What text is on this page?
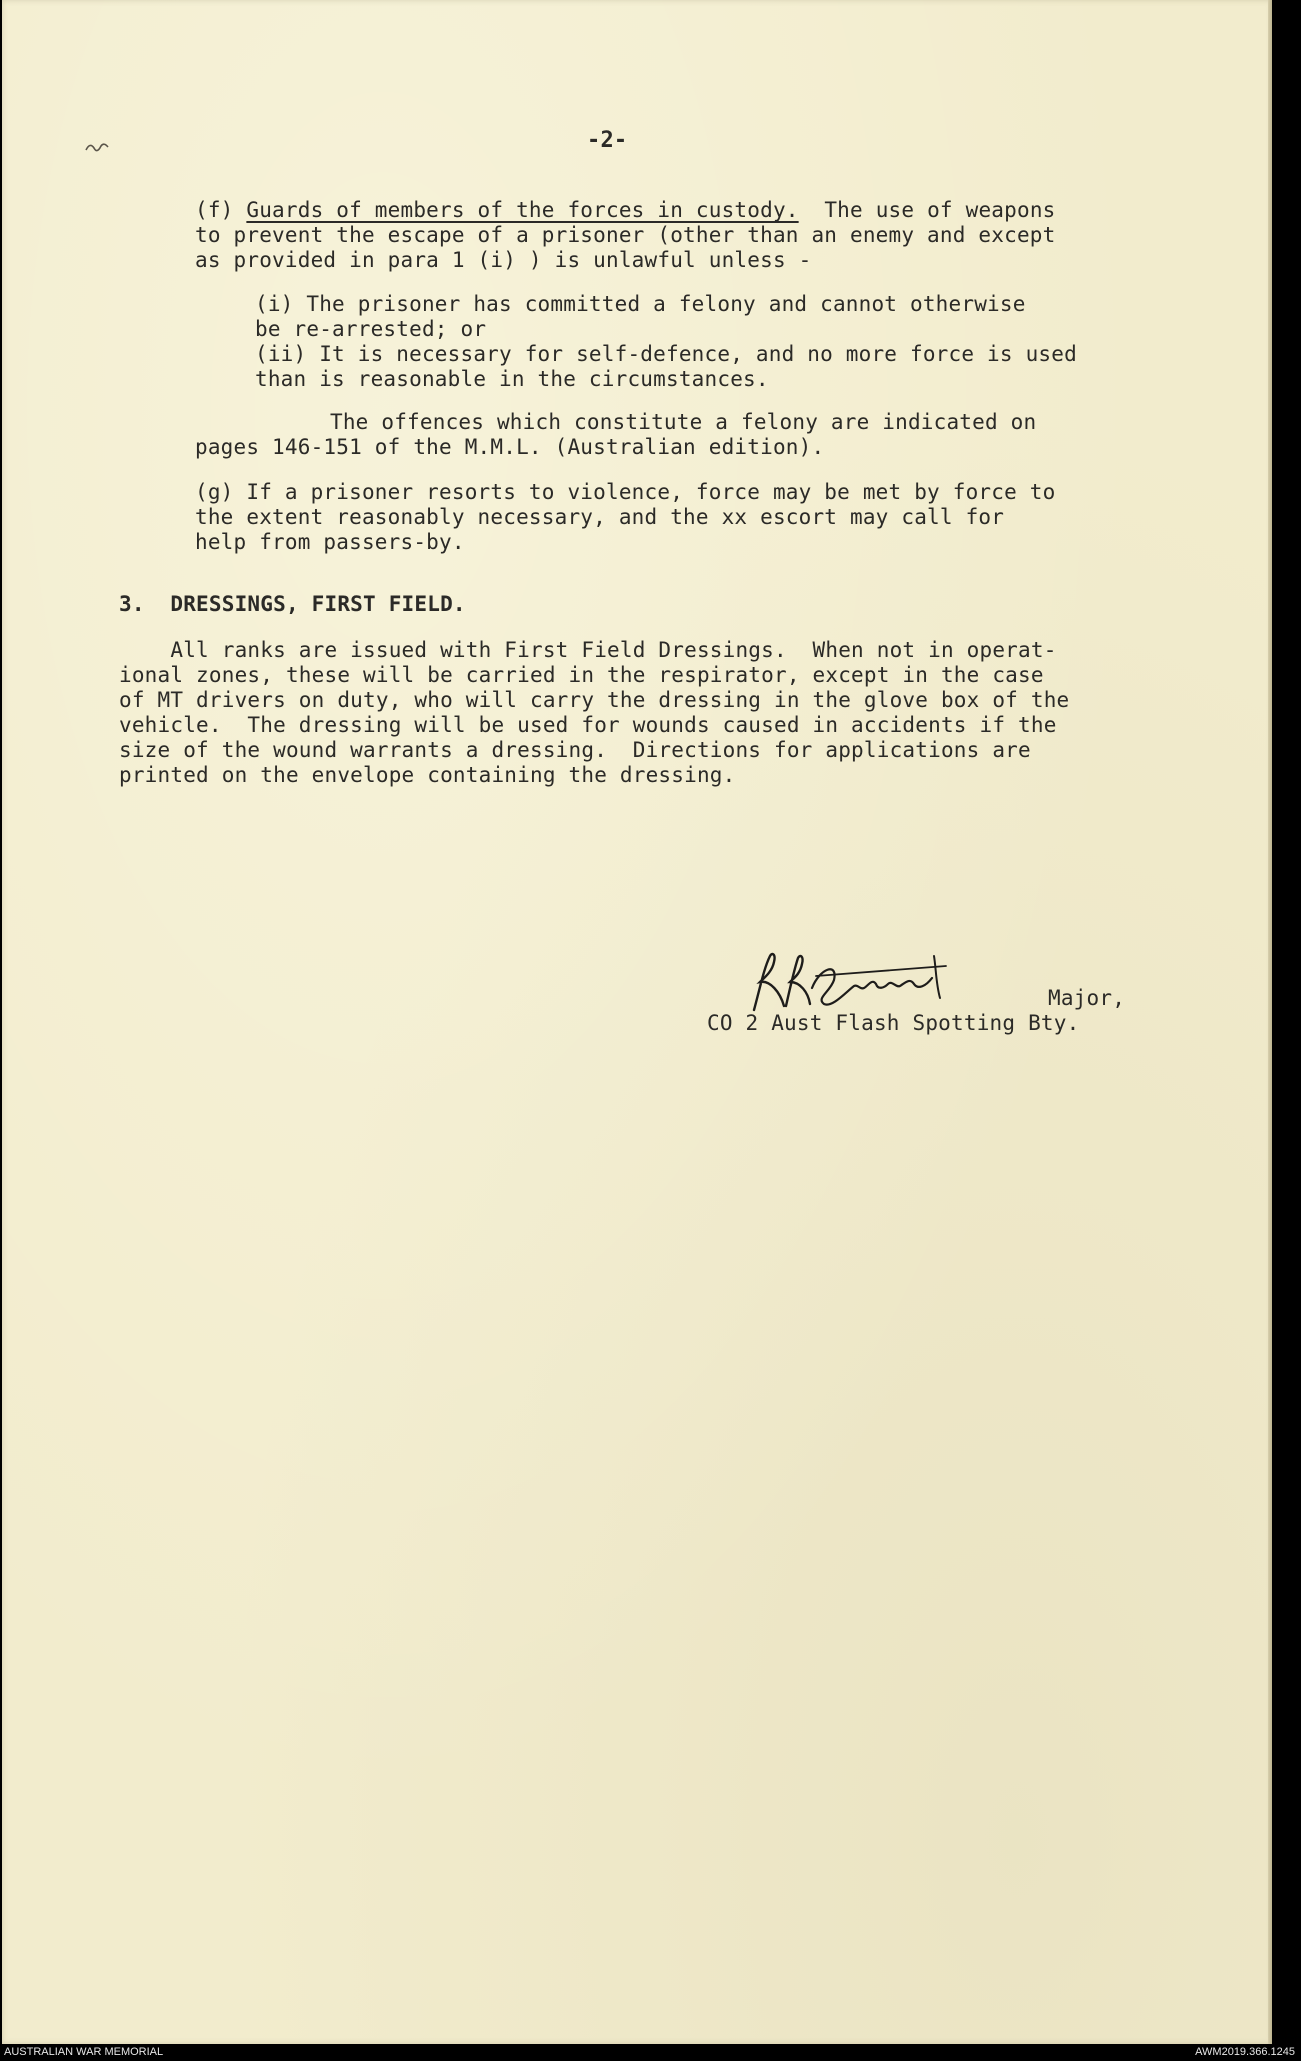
-2-
(f) Guards of members of the forces in custody.  The use of weapons
to prevent the escape of a prisoner (other than an enemy and except
as provided in para 1 (i) ) is unlawful unless -
(i) The prisoner has committed a felony and cannot otherwise
be re-arrested; or
(ii) It is necessary for self-defence, and no more force is used
than is reasonable in the circumstances.
The offences which constitute a felony are indicated on
pages 146-151 of the M.M.L. (Australian edition).
(g) If a prisoner resorts to violence, force may be met by force to
the extent reasonably necessary, and the xx escort may call for
help from passers-by.
3.  DRESSINGS, FIRST FIELD.
All ranks are issued with First Field Dressings.  When not in operat-
ional zones, these will be carried in the respirator, except in the case
of MT drivers on duty, who will carry the dressing in the glove box of the
vehicle.  The dressing will be used for wounds caused in accidents if the
size of the wound warrants a dressing.  Directions for applications are
printed on the envelope containing the dressing.
Major,
CO 2 Aust Flash Spotting Bty.
AUSTRALIAN WAR MEMORIAL	AWM2019.366.1245
